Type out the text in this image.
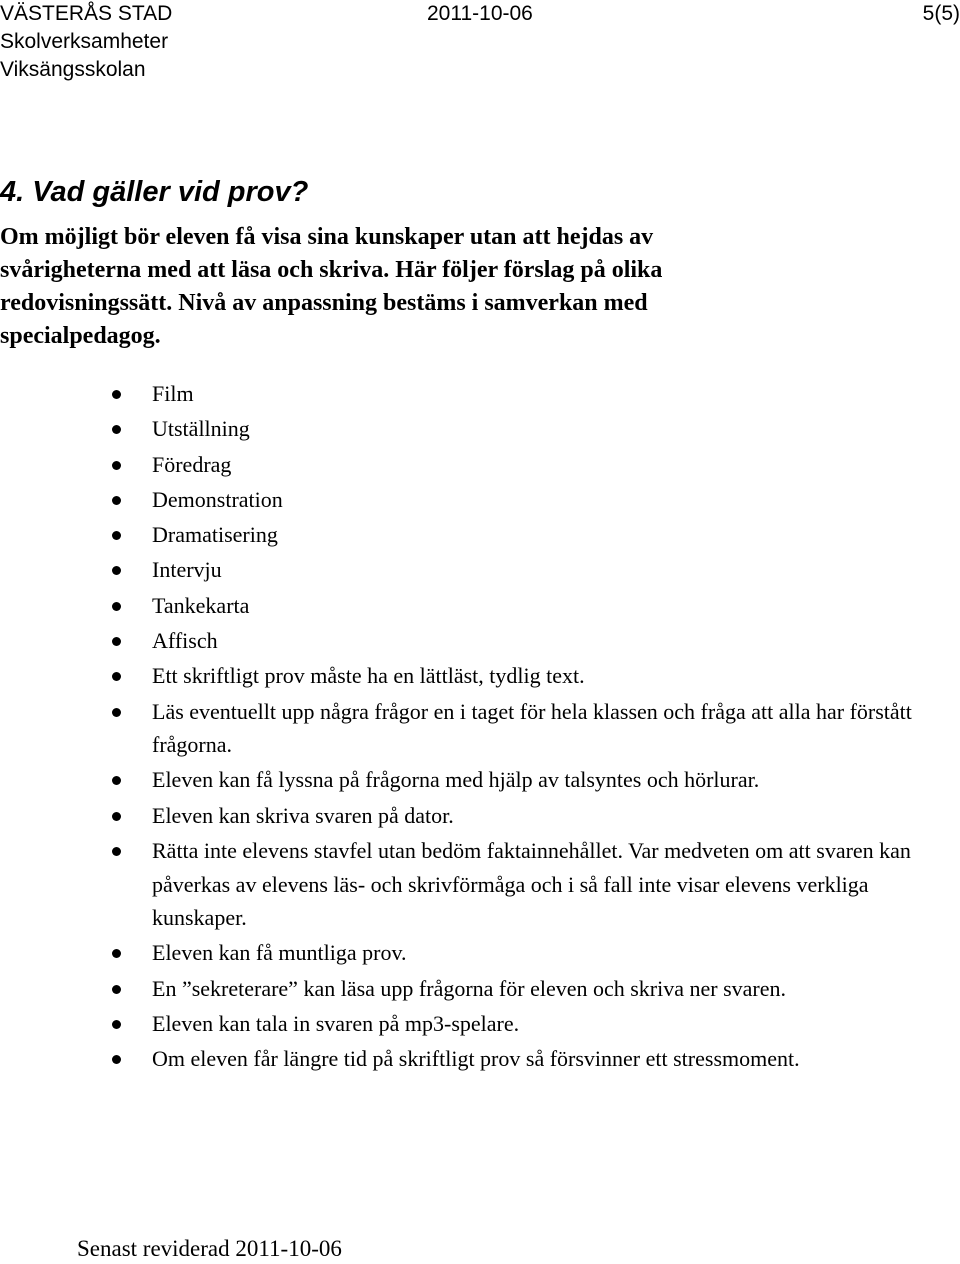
VÄSTERÅS STAD	2011-10-06	5(5)
Skolverksamheter
Viksängsskolan
4. Vad gäller vid prov?

Om möjligt bör eleven få visa sina kunskaper utan att hejdas av svårigheterna med att läsa och skriva. Här följer förslag på olika redovisningssätt. Nivå av anpassning bestäms i samverkan med specialpedagog.

Film
Utställning
Föredrag
Demonstration
Dramatisering
Intervju
Tankekarta
Affisch
Ett skriftligt prov måste ha en lättläst, tydlig text.
Läs eventuellt upp några frågor en i taget för hela klassen och fråga att alla har förstått frågorna.
Eleven kan få lyssna på frågorna med hjälp av talsyntes och hörlurar.
Eleven kan skriva svaren på dator.
Rätta inte elevens stavfel utan bedöm faktainnehållet. Var medveten om att svaren kan påverkas av elevens läs- och skrivförmåga och i så fall inte visar elevens verkliga kunskaper.
Eleven kan få muntliga prov.
En ”sekreterare” kan läsa upp frågorna för eleven och skriva ner svaren.
Eleven kan tala in svaren på mp3-spelare.
Om eleven får längre tid på skriftligt prov så försvinner ett stressmoment.

Senast reviderad 2011-10-06
